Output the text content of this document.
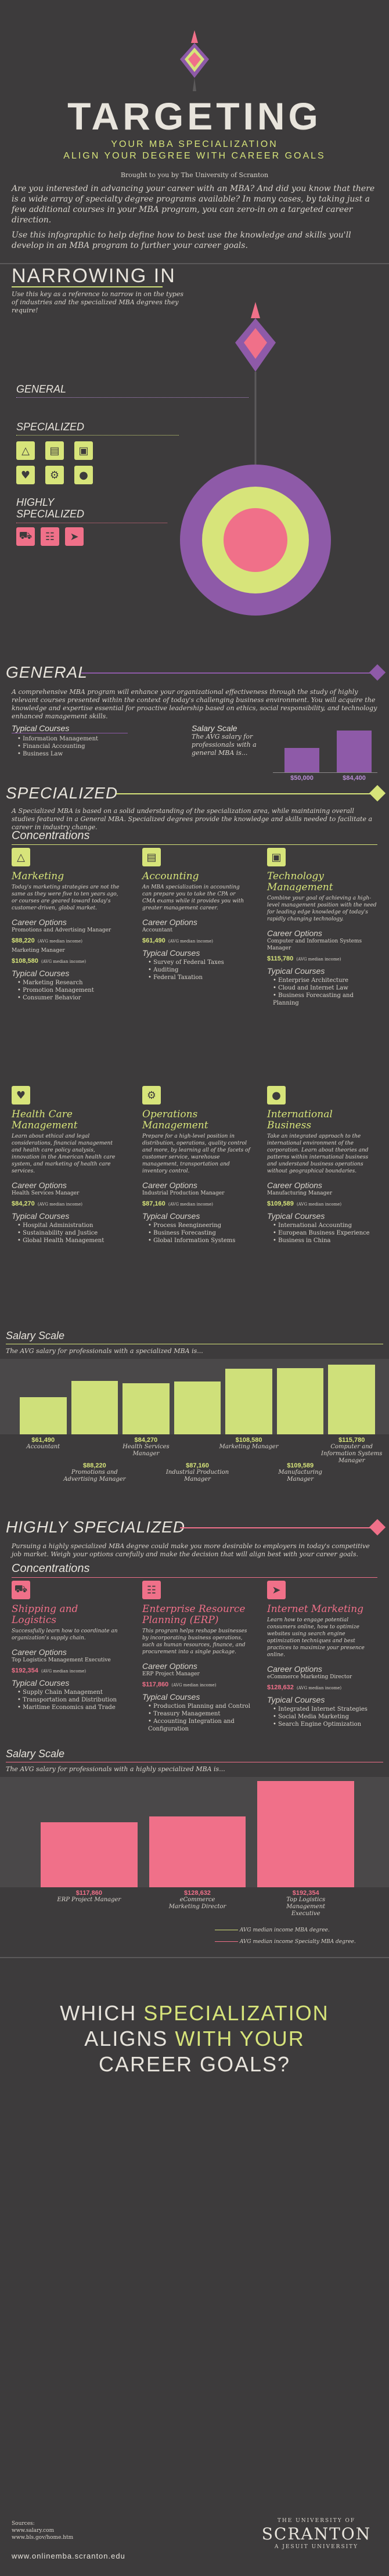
TARGETING
YOUR MBA SPECIALIZATION
ALIGN YOUR DEGREE WITH CAREER GOALS
Brought to you by The University of Scranton
Are you interested in advancing your career with an MBA? And did you know that there is a wide array of specialty degree programs available? In many cases, by taking just a few additional courses in your MBA program, you can zero-in on a targeted career direction.
Use this infographic to help define how to best use the knowledge and skills you'll develop in an MBA program to further your career goals.
NARROWING IN
Use this key as a reference to narrow in on the types of industries and the specialized MBA degrees they require!
GENERAL
SPECIALIZED
△	▤	▣
♥	⚙	●
HIGHLY SPECIALIZED
⛟	☷	➤
GENERAL
A comprehensive MBA program will enhance your organizational effectiveness through the study of highly relevant courses presented within the context of today's challenging business environment. You will acquire the knowledge and expertise essential for proactive leadership based on ethics, social responsibility, and technology enhanced management skills.
Typical Courses
• Information Management
• Financial Accounting
• Business Law
Salary Scale
The AVG salary for professionals with a general MBA is...
$50,000	$84,400
SPECIALIZED
A Specialized MBA is based on a solid understanding of the specialization area, while maintaining overall studies featured in a General MBA. Specialized degrees provide the knowledge and skills needed to facilitate a career in industry change.
Concentrations
△
Marketing
Today's marketing strategies are not the same as they were five to ten years ago, or courses are geared toward today's customer-driven, global market.
Career Options
Promotions and Advertising Manager
$88,220 (AVG median income)
Marketing Manager
$108,580 (AVG median income)
Typical Courses
• Marketing Research
• Promotion Management
• Consumer Behavior
▤
Accounting
An MBA specialization in accounting can prepare you to take the CPA or CMA exams while it provides you with greater management career.
Career Options
Accountant
$61,490 (AVG median income)
Typical Courses
• Survey of Federal Taxes
• Auditing
• Federal Taxation
▣
Technology Management
Combine your goal of achieving a high-level management position with the need for leading edge knowledge of today's rapidly changing technology.
Career Options
Computer and Information Systems Manager
$115,780 (AVG median income)
Typical Courses
• Enterprise Architecture
• Cloud and Internet Law
• Business Forecasting and Planning
♥
Health Care Management
Learn about ethical and legal considerations, financial management and health care policy analysis, innovation in the American health care system, and marketing of health care services.
Career Options
Health Services Manager
$84,270 (AVG median income)
Typical Courses
• Hospital Administration
• Sustainability and Justice
• Global Health Management
⚙
Operations Management
Prepare for a high-level position in distribution, operations, quality control and more, by learning all of the facets of customer service, warehouse management, transportation and inventory control.
Career Options
Industrial Production Manager
$87,160 (AVG median income)
Typical Courses
• Process Reengineering
• Business Forecasting
• Global Information Systems
●
International Business
Take an integrated approach to the international environment of the corporation. Learn about theories and patterns within international business and understand business operations without geographical boundaries.
Career Options
Manufacturing Manager
$109,589 (AVG median income)
Typical Courses
• International Accounting
• European Business Experience
• Business in China
Salary Scale
The AVG salary for professionals with a specialized MBA is...
$61,490
Accountant
$88,220
Promotions and Advertising Manager
$84,270
Health Services Manager
$87,160
Industrial Production Manager
$108,580
Marketing Manager
$109,589
Manufacturing Manager
$115,780
Computer and Information Systems Manager
HIGHLY SPECIALIZED
Pursuing a highly specialized MBA degree could make you more desirable to employers in today's competitive job market. Weigh your options carefully and make the decision that will align best with your career goals.
Concentrations
⛟
Shipping and Logistics
Successfully learn how to coordinate an organization's supply chain.
Career Options
Top Logistics Management Executive
$192,354 (AVG median income)
Typical Courses
• Supply Chain Management
• Transportation and Distribution
• Maritime Economics and Trade
☷
Enterprise Resource Planning (ERP)
This program helps reshape businesses by incorporating business operations, such as human resources, finance, and procurement into a single package.
Career Options
ERP Project Manager
$117,860 (AVG median income)
Typical Courses
• Production Planning and Control
• Treasury Management
• Accounting Integration and Configuration
➤
Internet Marketing
Learn how to engage potential consumers online, how to optimize websites using search engine optimization techniques and best practices to maximize your presence online.
Career Options
eCommerce Marketing Director
$128,632 (AVG median income)
Typical Courses
• Integrated Internet Strategies
• Social Media Marketing
• Search Engine Optimization
Salary Scale
The AVG salary for professionals with a highly specialized MBA is...
$117,860
ERP Project Manager
$128,632
eCommerce Marketing Director
$192,354
Top Logistics Management Executive
AVG median income MBA degree.
AVG median income Specialty MBA degree.
WHICH SPECIALIZATION
ALIGNS WITH YOUR
CAREER GOALS?
Sources:
www.salary.com
www.bls.gov/home.htm
www.onlinemba.scranton.edu
THE UNIVERSITY OF
SCRANTON
A JESUIT UNIVERSITY
